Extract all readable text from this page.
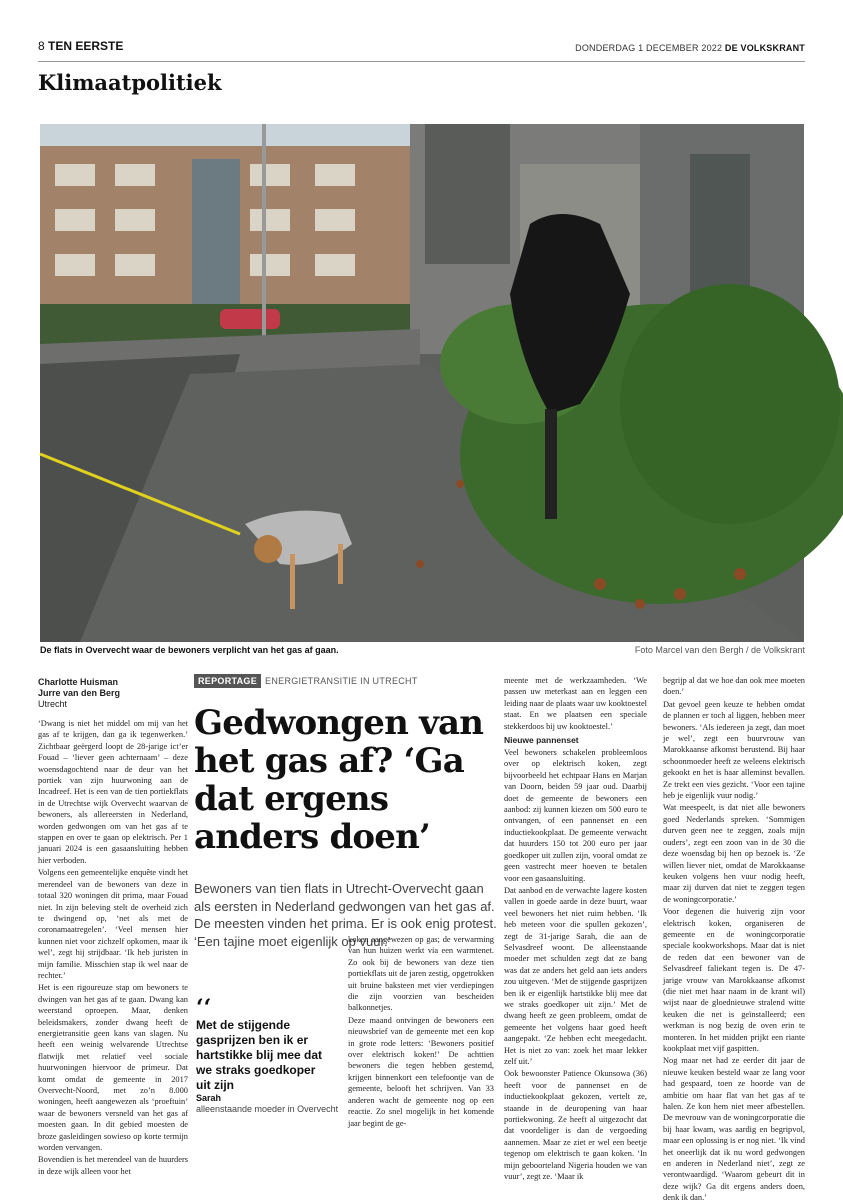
8 TEN EERSTE	DONDERDAG 1 DECEMBER 2022 DE VOLKSKRANT
Klimaatpolitiek
De flats in Overvecht waar de bewoners verplicht van het gas af gaan.	Foto Marcel van den Bergh / de Volkskrant
Charlotte Huisman
Jurre van den Berg
Utrecht

‘Dwang is niet het middel om mij van het gas af te krijgen, dan ga ik tegenwerken.’ Zichtbaar geërgerd loopt de 28-jarige ict’er Fouad – ‘liever geen achternaam’ – deze woensdagochtend naar de deur van het portiek van zijn huurwoning aan de Incadreef. Het is een van de tien portiekflats in de Utrechtse wijk Overvecht waarvan de bewoners, als allereersten in Nederland, worden gedwongen om van het gas af te stappen en over te gaan op elektrisch. Per 1 januari 2024 is een gasaansluiting hebben hier verboden.

Volgens een gemeentelijke enquête vindt het merendeel van de bewoners van deze in totaal 320 woningen dit prima, maar Fouad niet. In zijn beleving stelt de overheid zich te dwingend op, ‘net als met de coronamaatregelen’. ‘Veel mensen hier kunnen niet voor zichzelf opkomen, maar ik wel’, zegt hij strijdbaar. ‘Ik heb juristen in mijn familie. Misschien stap ik wel naar de rechter.’

Het is een rigoureuze stap om bewoners te dwingen van het gas af te gaan. Dwang kan weerstand oproepen. Maar, denken beleidsmakers, zonder dwang heeft de energietransitie geen kans van slagen. Nu heeft een weinig welvarende Utrechtse flatwijk met relatief veel sociale huurwoningen hiervoor de primeur. Dat komt omdat de gemeente in 2017 Overvecht-Noord, met zo’n 8.000 woningen, heeft aangewezen als ‘proeftuin’ waar de bewoners versneld van het gas af moesten gaan. In dit gebied moesten de broze gasleidingen sowieso op korte termijn worden vervangen.

Bovendien is het merendeel van de huurders in deze wijk alleen voor het

REPORTAGE ENERGIETRANSITIE IN UTRECHT
Gedwongen van het gas af? ‘Ga dat ergens anders doen’
Bewoners van tien flats in Utrecht-Overvecht gaan als eersten in Nederland gedwongen van het gas af. De meesten vinden het prima. Er is ook enig protest. ‘Een tajine moet eigenlijk op vuur.’
‘‘
Met de stijgende gasprijzen ben ik er hartstikke blij mee dat we straks goedkoper uit zijn
Sarah
alleenstaande moeder in Overvecht

koken aangewezen op gas; de verwarming van hun huizen werkt via een warmtenet. Zo ook bij de bewoners van deze tien portiekflats uit de jaren zestig, opgetrokken uit bruine baksteen met vier verdiepingen die zijn voorzien van bescheiden balkonnetjes.

Deze maand ontvingen de bewoners een nieuwsbrief van de gemeente met een kop in grote rode letters: ‘Bewoners positief over elektrisch koken!’ De achttien bewoners die tegen hebben gestemd, krijgen binnenkort een telefoontje van de gemeente, belooft het schrijven. Van 33 anderen wacht de gemeente nog op een reactie. Zo snel mogelijk in het komende jaar begint de ge-

meente met de werkzaamheden. ‘We passen uw meterkast aan en leggen een leiding naar de plaats waar uw kooktoestel staat. En we plaatsen een speciale stekkerdoos bij uw kooktoestel.’

Nieuwe pannenset

Veel bewoners schakelen probleemloos over op elektrisch koken, zegt bijvoorbeeld het echtpaar Hans en Marjan van Doorn, beiden 59 jaar oud. Daarbij doet de gemeente de bewoners een aanbod: zij kunnen kiezen om 500 euro te ontvangen, of een pannenset en een inductiekookplaat. De gemeente verwacht dat huurders 150 tot 200 euro per jaar goedkoper uit zullen zijn, vooral omdat ze geen vastrecht meer hoeven te betalen voor een gasaansluiting.

Dat aanbod en de verwachte lagere kosten vallen in goede aarde in deze buurt, waar veel bewoners het niet ruim hebben. ‘Ik heb meteen voor die spullen gekozen’, zegt de 31-jarige Sarah, die aan de Selvasdreef woont. De alleenstaande moeder met schulden zegt dat ze bang was dat ze anders het geld aan iets anders zou uitgeven. ‘Met de stijgende gasprijzen ben ik er eigenlijk hartstikke blij mee dat we straks goedkoper uit zijn.’ Met de dwang heeft ze geen probleem, omdat de gemeente het volgens haar goed heeft aangepakt. ‘Ze hebben echt meegedacht. Het is niet zo van: zoek het maar lekker zelf uit.’

Ook bewoonster Patience Okunsowa (36) heeft voor de pannenset en de inductiekookplaat gekozen, vertelt ze, staande in de deuropening van haar portiekwoning. Ze heeft al uitgezocht dat dat voordeliger is dan de vergoeding aannemen. Maar ze ziet er wel een beetje tegenop om elektrisch te gaan koken. ‘In mijn geboorteland Nigeria houden we van vuur’, zegt ze. ‘Maar ik

begrijp al dat we hoe dan ook mee moeten doen.’

Dat gevoel geen keuze te hebben omdat de plannen er toch al liggen, hebben meer bewoners. ‘Als iedereen ja zegt, dan moet je wel’, zegt een buurvrouw van Marokkaanse afkomst berustend. Bij haar schoonmoeder heeft ze weleens elektrisch gekookt en het is haar alleminst bevallen. Ze trekt een vies gezicht. ‘Voor een tajine heb je eigenlijk vuur nodig.’

Wat meespeelt, is dat niet alle bewoners goed Nederlands spreken. ‘Sommigen durven geen nee te zeggen, zoals mijn ouders’, zegt een zoon van in de 30 die deze woensdag bij hen op bezoek is. ‘Ze willen liever niet, omdat de Marokkaanse keuken volgens hen vuur nodig heeft, maar zij durven dat niet te zeggen tegen de woningcorporatie.’

Voor degenen die huiverig zijn voor elektrisch koken, organiseren de gemeente en de woningcorporatie speciale kookworkshops. Maar dat is niet de reden dat een bewoner van de Selvasdreef faliekant tegen is. De 47-jarige vrouw van Marokkaanse afkomst (die niet met haar naam in de krant wil) wijst naar de gloednieuwe stralend witte keuken die net is geïnstalleerd; een werkman is nog bezig de oven erin te monteren. In het midden prijkt een riante kookplaat met vijf gaspitten.

Nog maar net had ze eerder dit jaar de nieuwe keuken besteld waar ze lang voor had gespaard, toen ze hoorde van de ambitie om haar flat van het gas af te halen. Ze kon hem niet meer afbestellen. De mevrouw van de woningcorporatie die bij haar kwam, was aardig en begripvol, maar een oplossing is er nog niet. ‘Ik vind het oneerlijk dat ik nu word gedwongen en anderen in Nederland niet’, zegt ze verontwaardigd. ‘Waarom gebeurt dit in deze wijk? Ga dit ergens anders doen, denk ik dan.’
